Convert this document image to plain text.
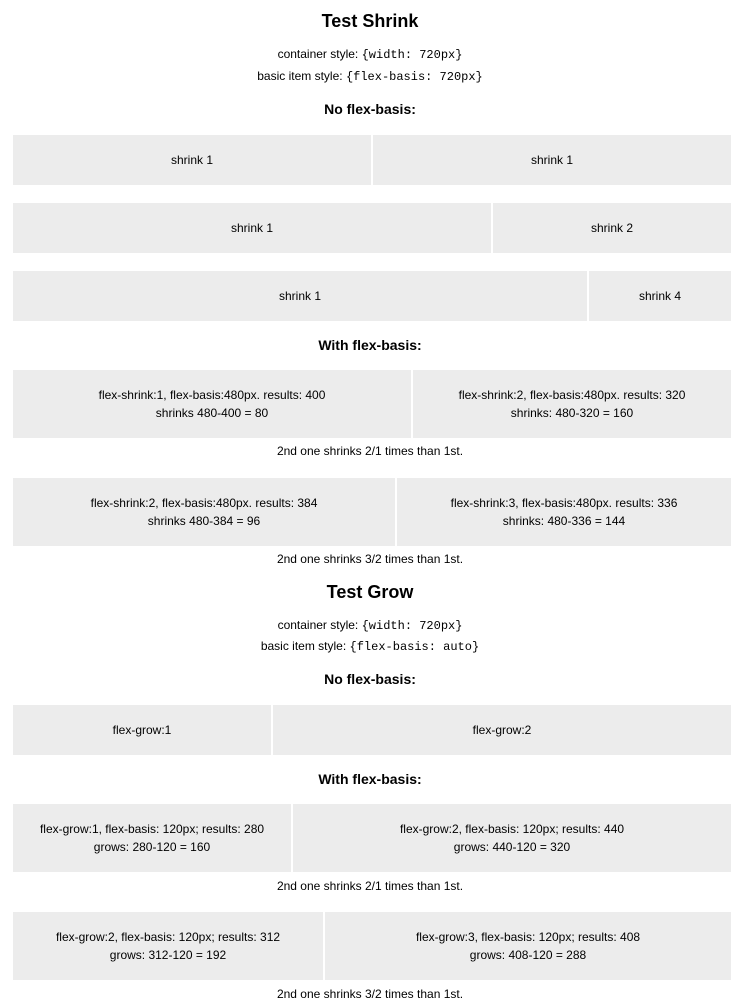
Test Shrink
container style: {width: 720px}
basic item style: {flex-basis: 720px}
No flex-basis:
shrink 1	shrink 1
shrink 1	shrink 2
shrink 1	shrink 4
With flex-basis:
flex-shrink:1, flex-basis:480px. results: 400
shrinks 480-400 = 80
flex-shrink:2, flex-basis:480px. results: 320
shrinks: 480-320 = 160
2nd one shrinks 2/1 times than 1st.
flex-shrink:2, flex-basis:480px. results: 384
shrinks 480-384 = 96
flex-shrink:3, flex-basis:480px. results: 336
shrinks: 480-336 = 144
2nd one shrinks 3/2 times than 1st.
Test Grow
container style: {width: 720px}
basic item style: {flex-basis: auto}
No flex-basis:
flex-grow:1	flex-grow:2
With flex-basis:
flex-grow:1, flex-basis: 120px; results: 280
grows: 280-120 = 160
flex-grow:2, flex-basis: 120px; results: 440
grows: 440-120 = 320
2nd one shrinks 2/1 times than 1st.
flex-grow:2, flex-basis: 120px; results: 312
grows: 312-120 = 192
flex-grow:3, flex-basis: 120px; results: 408
grows: 408-120 = 288
2nd one shrinks 3/2 times than 1st.
